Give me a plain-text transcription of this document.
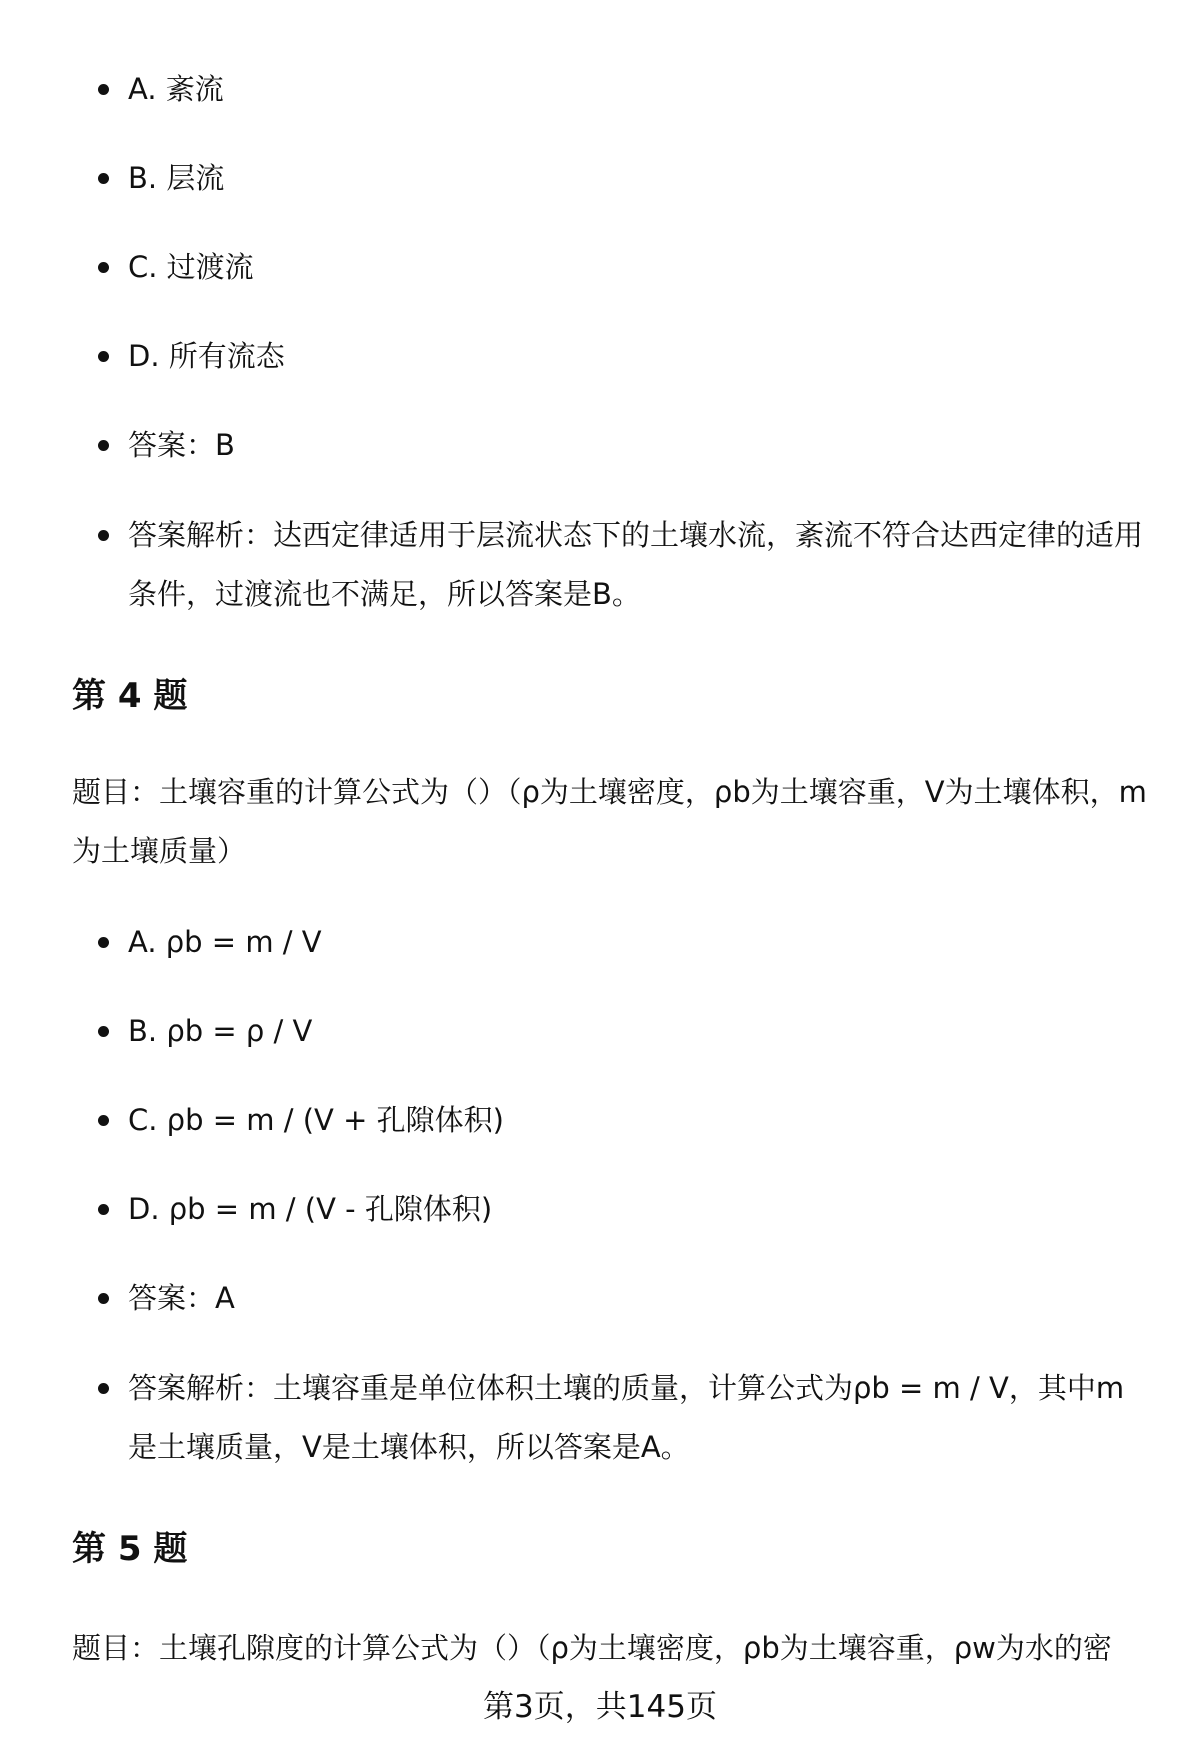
A. 紊流
B. 层流
C. 过渡流
D. 所有流态
答案：B
答案解析：达西定律适用于层流状态下的土壤水流，紊流不符合达西定律的适用条件，过渡流也不满足，所以答案是B。
第 4 题
题目：土壤容重的计算公式为（）（ρ为土壤密度，ρb为土壤容重，V为土壤体积，m为土壤质量）
A. ρb = m / V
B. ρb = ρ / V
C. ρb = m / (V + 孔隙体积)
D. ρb = m / (V - 孔隙体积)
答案：A
答案解析：土壤容重是单位体积土壤的质量，计算公式为ρb = m / V，其中m是土壤质量，V是土壤体积，所以答案是A。
第 5 题
题目：土壤孔隙度的计算公式为（）（ρ为土壤密度，ρb为土壤容重，ρw为水的密
第3页，共145页
